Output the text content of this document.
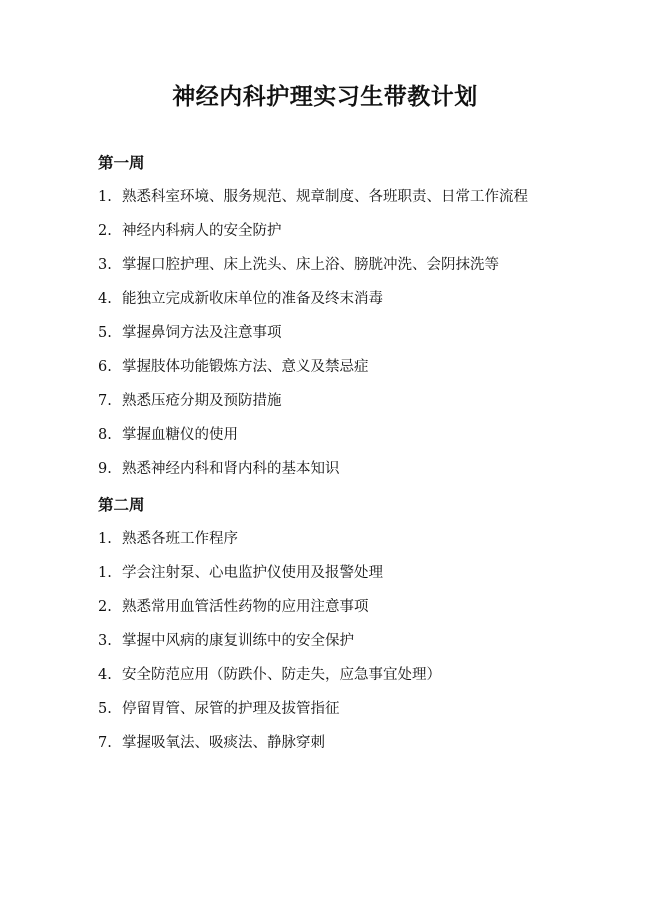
神经内科护理实习生带教计划
第一周
1. 熟悉科室环境、服务规范、规章制度、各班职责、日常工作流程
2. 神经内科病人的安全防护
3. 掌握口腔护理、床上洗头、床上浴、膀胱冲洗、会阴抹洗等
4. 能独立完成新收床单位的准备及终末消毒
5. 掌握鼻饲方法及注意事项
6. 掌握肢体功能锻炼方法、意义及禁忌症
7. 熟悉压疮分期及预防措施
8. 掌握血糖仪的使用
9. 熟悉神经内科和肾内科的基本知识
第二周
1. 熟悉各班工作程序
1. 学会注射泵、心电监护仪使用及报警处理
2. 熟悉常用血管活性药物的应用注意事项
3. 掌握中风病的康复训练中的安全保护
4. 安全防范应用（防跌仆、防走失，应急事宜处理）
5. 停留胃管、尿管的护理及拔管指征
7. 掌握吸氧法、吸痰法、静脉穿刺
